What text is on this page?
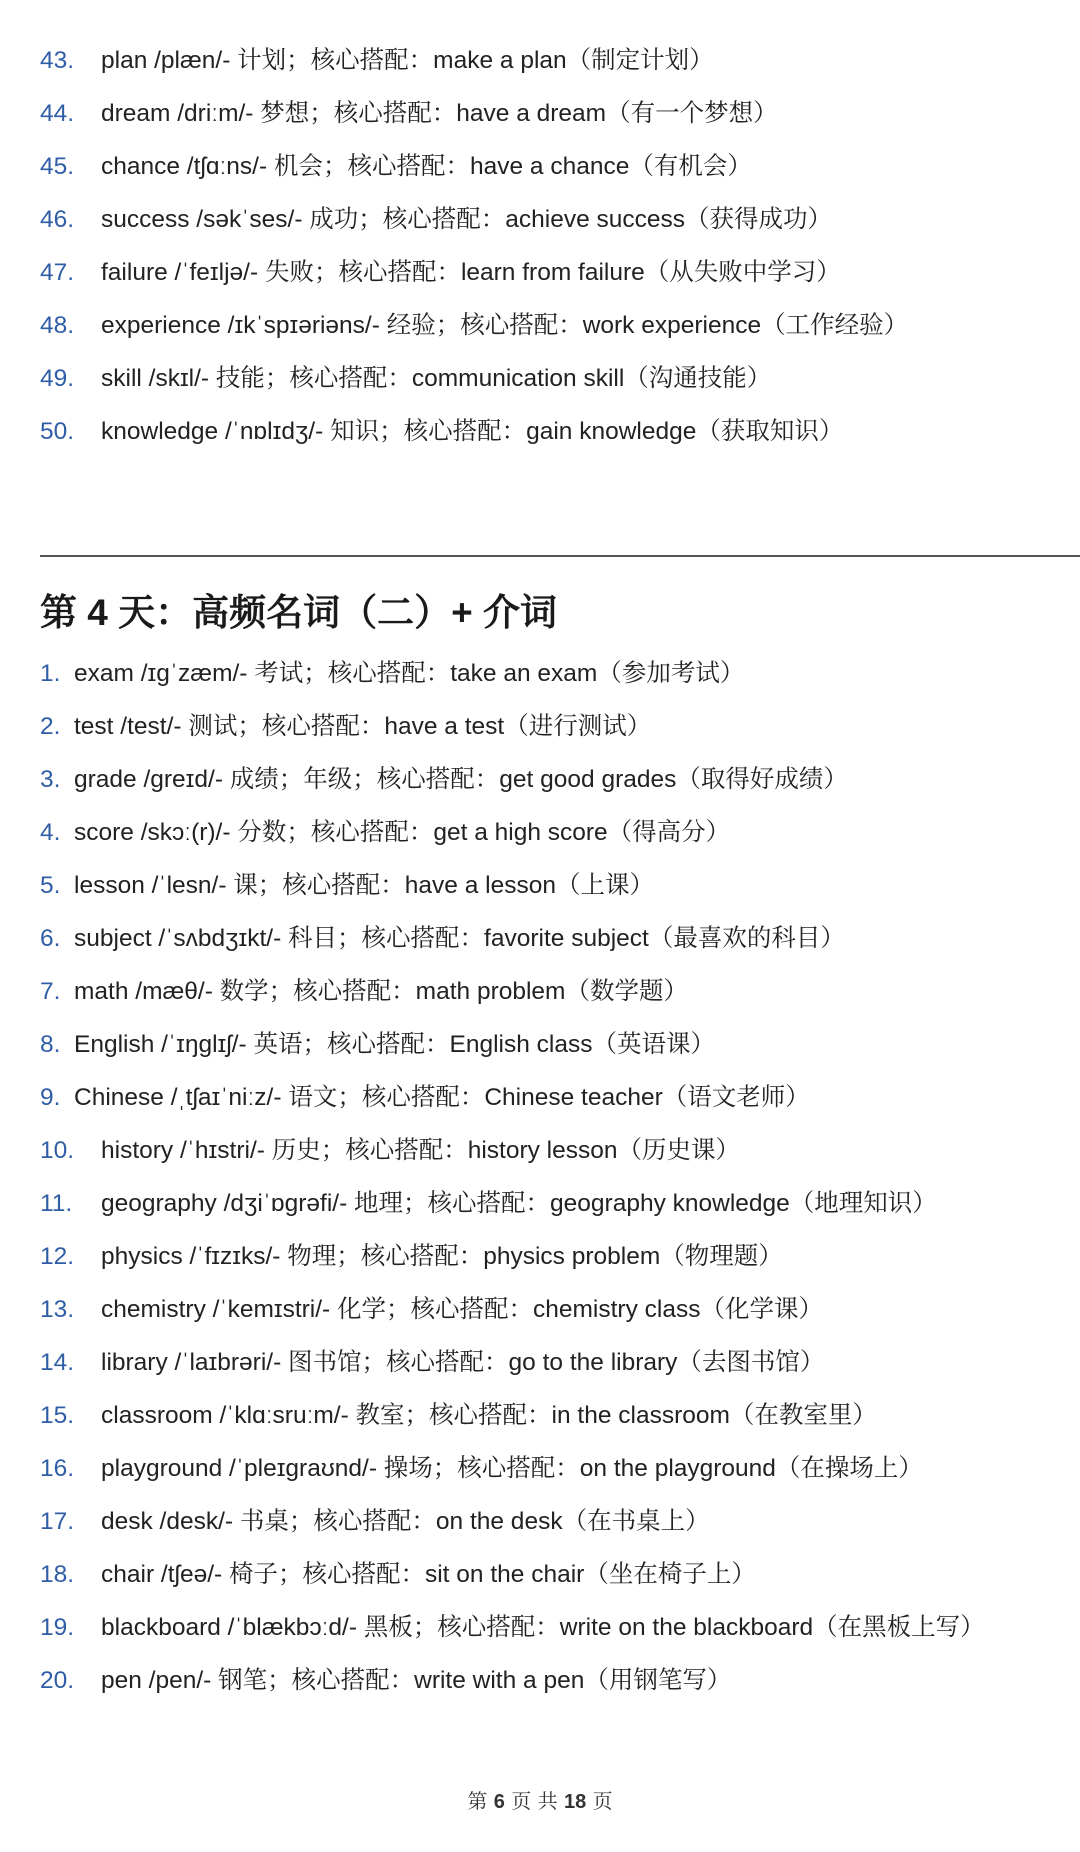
43. plan /plæn/- 计划；核心搭配：make a plan（制定计划）
44. dream /driːm/- 梦想；核心搭配：have a dream（有一个梦想）
45. chance /tʃɑːns/- 机会；核心搭配：have a chance（有机会）
46. success /səkˈses/- 成功；核心搭配：achieve success（获得成功）
47. failure /ˈfeɪljə/- 失败；核心搭配：learn from failure（从失败中学习）
48. experience /ɪkˈspɪəriəns/- 经验；核心搭配：work experience（工作经验）
49. skill /skɪl/- 技能；核心搭配：communication skill（沟通技能）
50. knowledge /ˈnɒlɪdʒ/- 知识；核心搭配：gain knowledge（获取知识）
第 4 天：高频名词（二）+ 介词
1. exam /ɪɡˈzæm/- 考试；核心搭配：take an exam（参加考试）
2. test /test/- 测试；核心搭配：have a test（进行测试）
3. grade /ɡreɪd/- 成绩；年级；核心搭配：get good grades（取得好成绩）
4. score /skɔː(r)/- 分数；核心搭配：get a high score（得高分）
5. lesson /ˈlesn/- 课；核心搭配：have a lesson（上课）
6. subject /ˈsʌbdʒɪkt/- 科目；核心搭配：favorite subject（最喜欢的科目）
7. math /mæθ/- 数学；核心搭配：math problem（数学题）
8. English /ˈɪŋɡlɪʃ/- 英语；核心搭配：English class（英语课）
9. Chinese /ˌtʃaɪˈniːz/- 语文；核心搭配：Chinese teacher（语文老师）
10. history /ˈhɪstri/- 历史；核心搭配：history lesson（历史课）
11. geography /dʒiˈɒɡrəfi/- 地理；核心搭配：geography knowledge（地理知识）
12. physics /ˈfɪzɪks/- 物理；核心搭配：physics problem（物理题）
13. chemistry /ˈkemɪstri/- 化学；核心搭配：chemistry class（化学课）
14. library /ˈlaɪbrəri/- 图书馆；核心搭配：go to the library（去图书馆）
15. classroom /ˈklɑːsruːm/- 教室；核心搭配：in the classroom（在教室里）
16. playground /ˈpleɪɡraʊnd/- 操场；核心搭配：on the playground（在操场上）
17. desk /desk/- 书桌；核心搭配：on the desk（在书桌上）
18. chair /tʃeə/- 椅子；核心搭配：sit on the chair（坐在椅子上）
19. blackboard /ˈblækbɔːd/- 黑板；核心搭配：write on the blackboard（在黑板上写）
20. pen /pen/- 钢笔；核心搭配：write with a pen（用钢笔写）
第 6 页 共 18 页
